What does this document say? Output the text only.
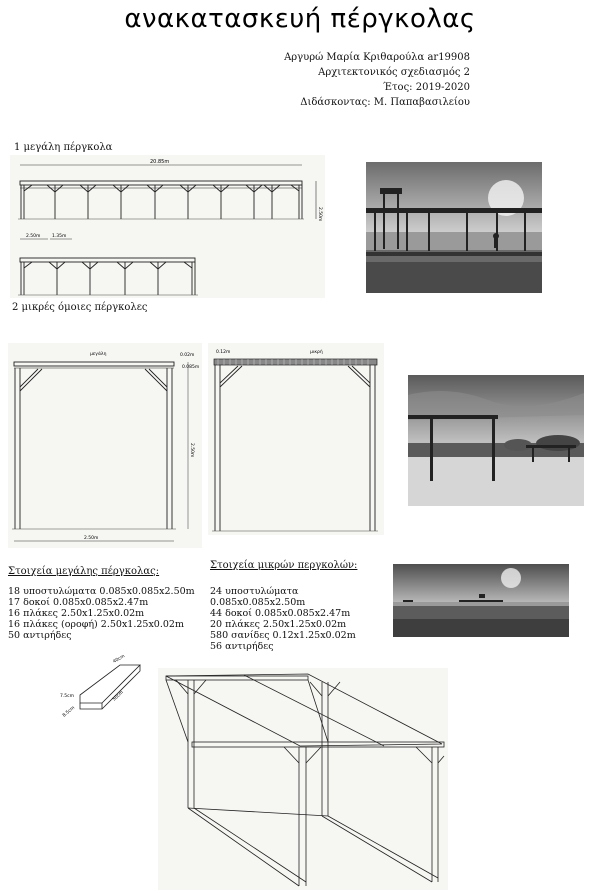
ανακατασκευή πέργκολας
Αργυρώ Μαρία Κριθαρούλα ar19908
Αρχιτεκτονικός σχεδιασμός 2
Έτος: 2019-2020
Διδάσκοντας: Μ. Παπαβασιλείου
1 μεγάλη πέργκολα
20.85m
2.50m
2.50m	1.35m
2 μικρές όμοιες πέργκολες
μεγάλη	0.02m
0.085m
2.50m
2.50m
0.12m	μικρή
Στοιχεία μεγάλης πέργκολας:
18 υποστυλώματα 0.085x0.085x2.50m
17 δοκοί 0.085x0.085x2.47m
16 πλάκες 2.50x1.25x0.02m
16 πλάκες (οροφή) 2.50x1.25x0.02m
50 αντιρήδες
Στοιχεία μικρών περγκολών:
24 υποστυλώματα 0.085x0.085x2.50m
44 δοκοί 0.085x0.085x2.47m
20 πλάκες 2.50x1.25x0.02m
580 σανίδες 0.12x1.25x0.02m
56 αντιρήδες
40cm
7.5cm	50cm
8.5cm
